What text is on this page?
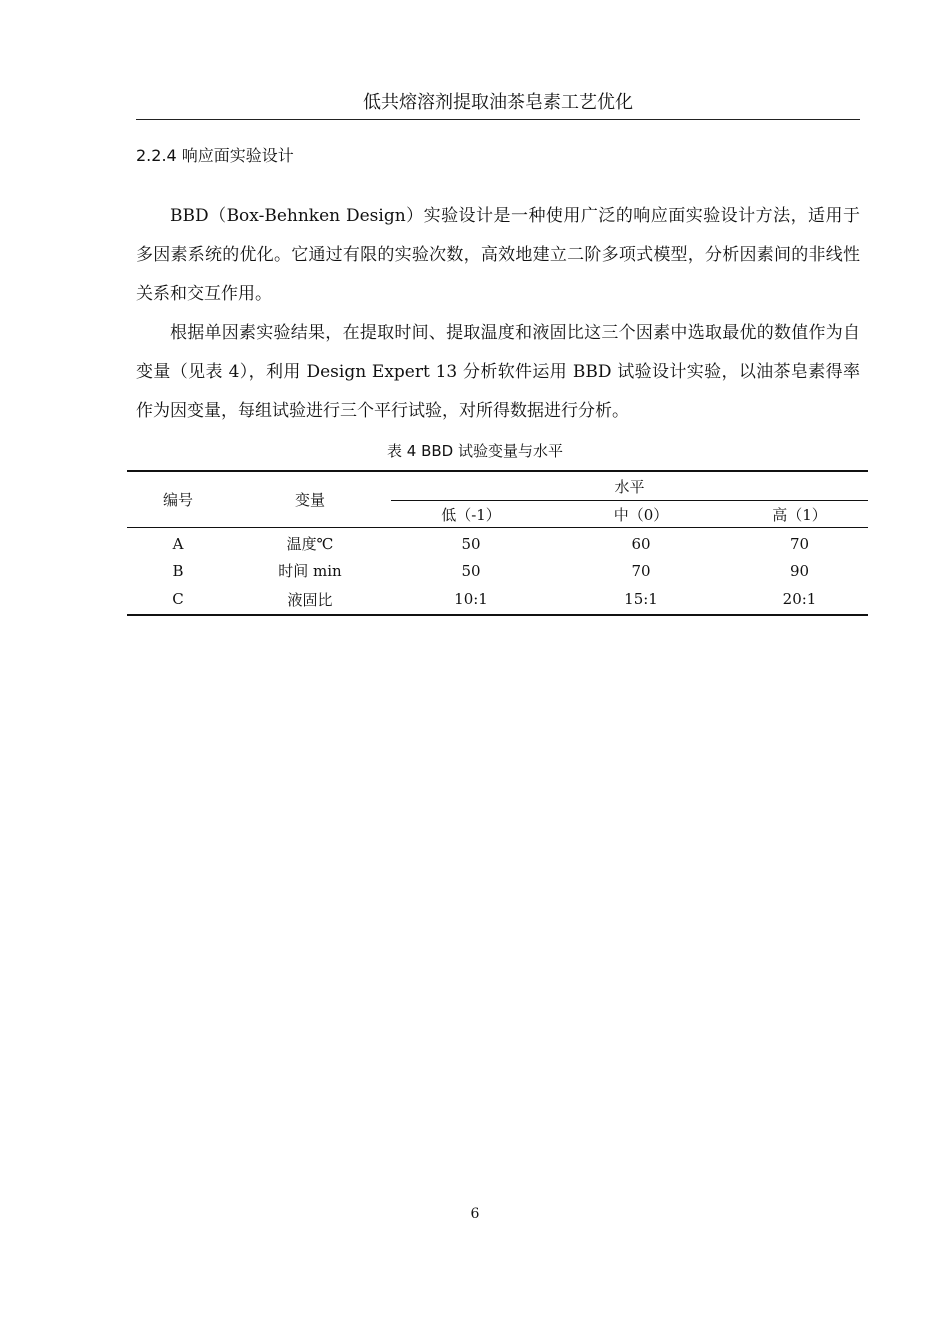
低共熔溶剂提取油茶皂素工艺优化
2.2.4 响应面实验设计

BBD（Box-Behnken Design）实验设计是一种使用广泛的响应面实验设计方法，适用于多因素系统的优化。它通过有限的实验次数，高效地建立二阶多项式模型，分析因素间的非线性关系和交互作用。

根据单因素实验结果，在提取时间、提取温度和液固比这三个因素中选取最优的数值作为自变量（见表 4），利用 Design Expert 13 分析软件运用 BBD 试验设计实验，以油茶皂素得率作为因变量，每组试验进行三个平行试验，对所得数据进行分析。

表 4 BBD 试验变量与水平
编号	变量	水平		
		低（-1）	中（0）	高（1）
A	温度℃	50	60	70
B	时间 min	50	70	90
C	液固比	10:1	15:1	20:1
6
